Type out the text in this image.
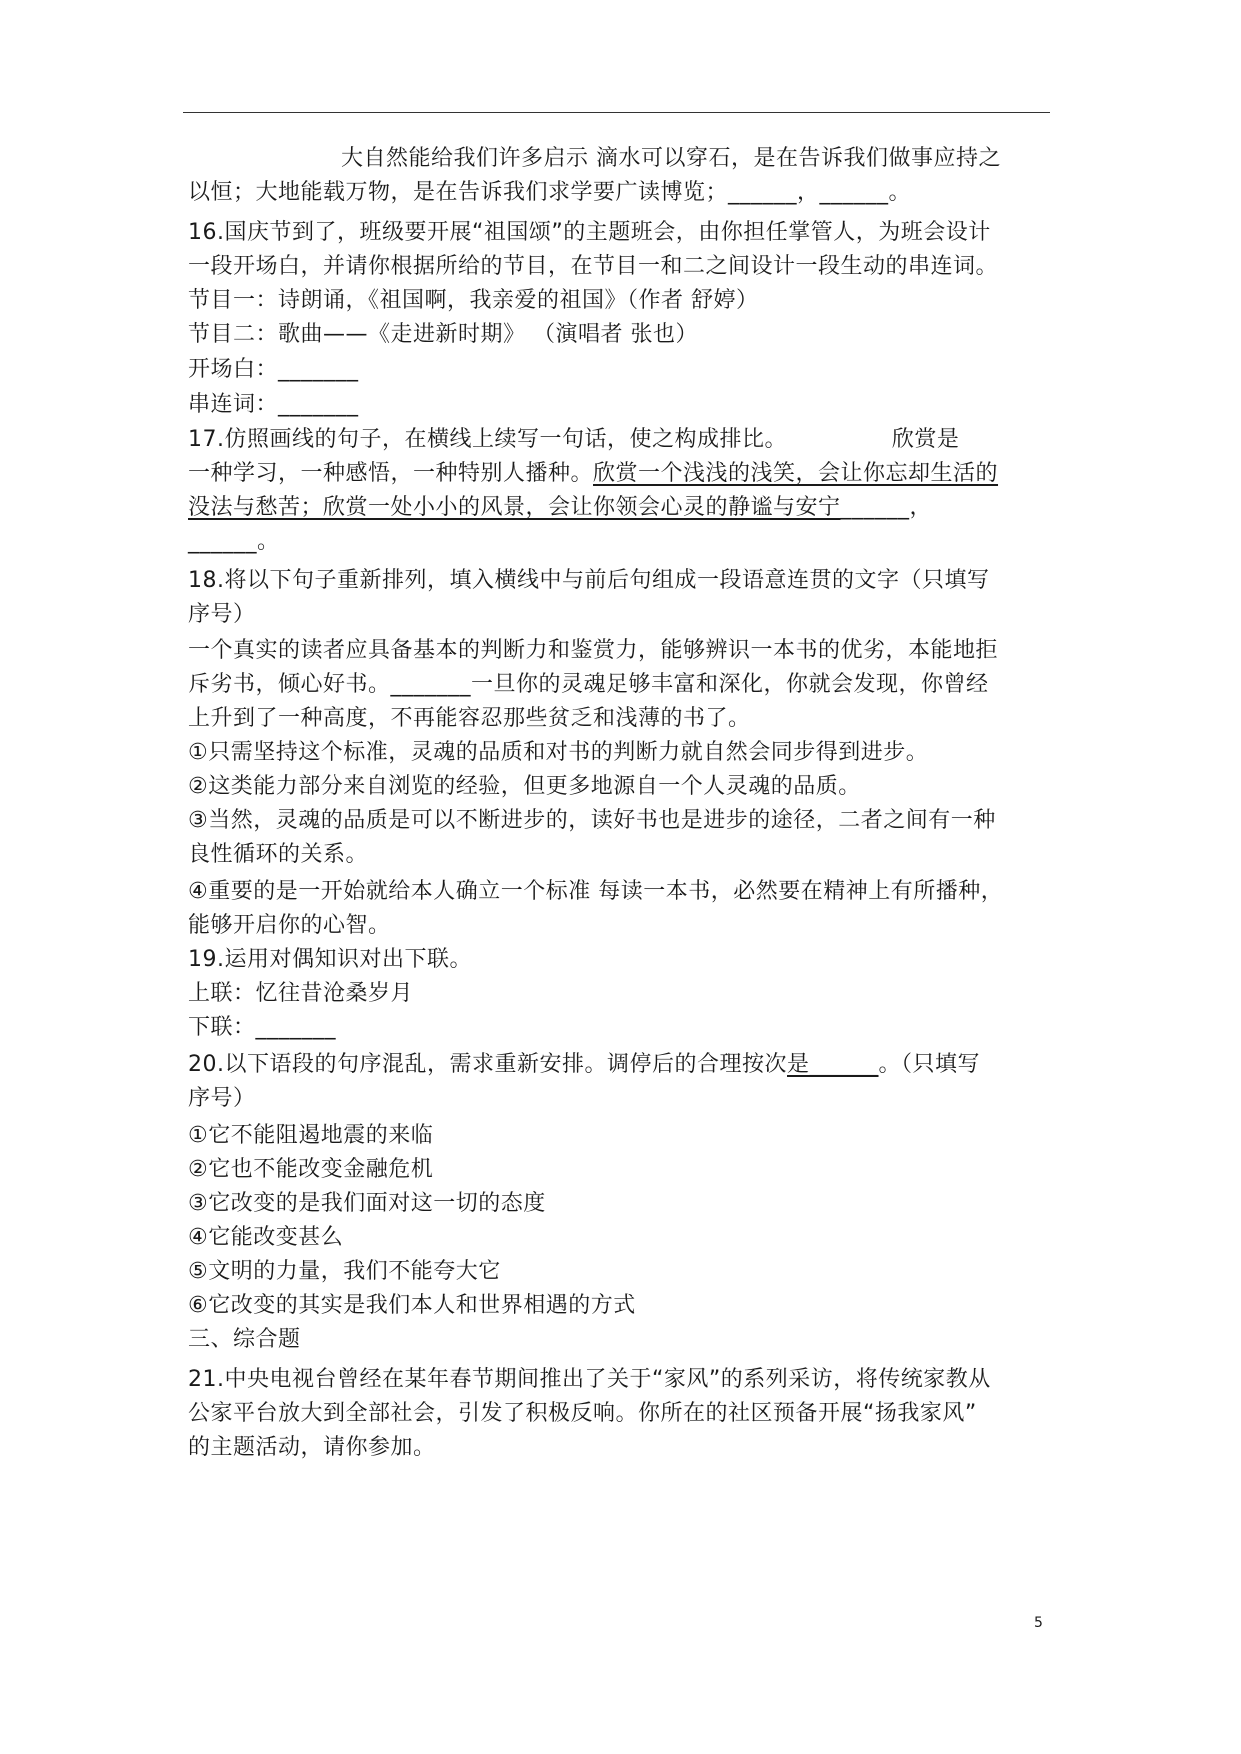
大自然能给我们许多启示 滴水可以穿石，是在告诉我们做事应持之
以恒；大地能载万物，是在告诉我们求学要广读博览；______，______。
16.国庆节到了，班级要开展“祖国颂”的主题班会，由你担任掌管人，为班会设计
一段开场白，并请你根据所给的节目，在节目一和二之间设计一段生动的串连词。
节目一：诗朗诵，《祖国啊，我亲爱的祖国》（作者 舒婷）
节目二：歌曲——《走进新时期》 （演唱者 张也）
开场白：_______
串连词：_______
17.仿照画线的句子，在横线上续写一句话，使之构成排比。              欣赏是
一种学习，一种感悟，一种特别人播种。欣赏一个浅浅的浅笑，会让你忘却生活的
没法与愁苦；欣赏一处小小的风景，会让你领会心灵的静谧与安宁______，
______。
18.将以下句子重新排列，填入横线中与前后句组成一段语意连贯的文字（只填写
序号）
一个真实的读者应具备基本的判断力和鉴赏力，能够辨识一本书的优劣，本能地拒
斥劣书，倾心好书。_______一旦你的灵魂足够丰富和深化，你就会发现，你曾经
上升到了一种高度，不再能容忍那些贫乏和浅薄的书了。
①只需坚持这个标准，灵魂的品质和对书的判断力就自然会同步得到进步。
②这类能力部分来自浏览的经验，但更多地源自一个人灵魂的品质。
③当然，灵魂的品质是可以不断进步的，读好书也是进步的途径，二者之间有一种
良性循环的关系。
④重要的是一开始就给本人确立一个标准 每读一本书，必然要在精神上有所播种，
能够开启你的心智。
19.运用对偶知识对出下联。
上联：忆往昔沧桑岁月
下联：_______
20.以下语段的句序混乱，需求重新安排。调停后的合理按次是______。（只填写
序号）
①它不能阻遏地震的来临
②它也不能改变金融危机
③它改变的是我们面对这一切的态度
④它能改变甚么
⑤文明的力量，我们不能夸大它
⑥它改变的其实是我们本人和世界相遇的方式
三、综合题
21.中央电视台曾经在某年春节期间推出了关于“家风”的系列采访，将传统家教从
公家平台放大到全部社会，引发了积极反响。你所在的社区预备开展“扬我家风”
的主题活动，请你参加。
5
